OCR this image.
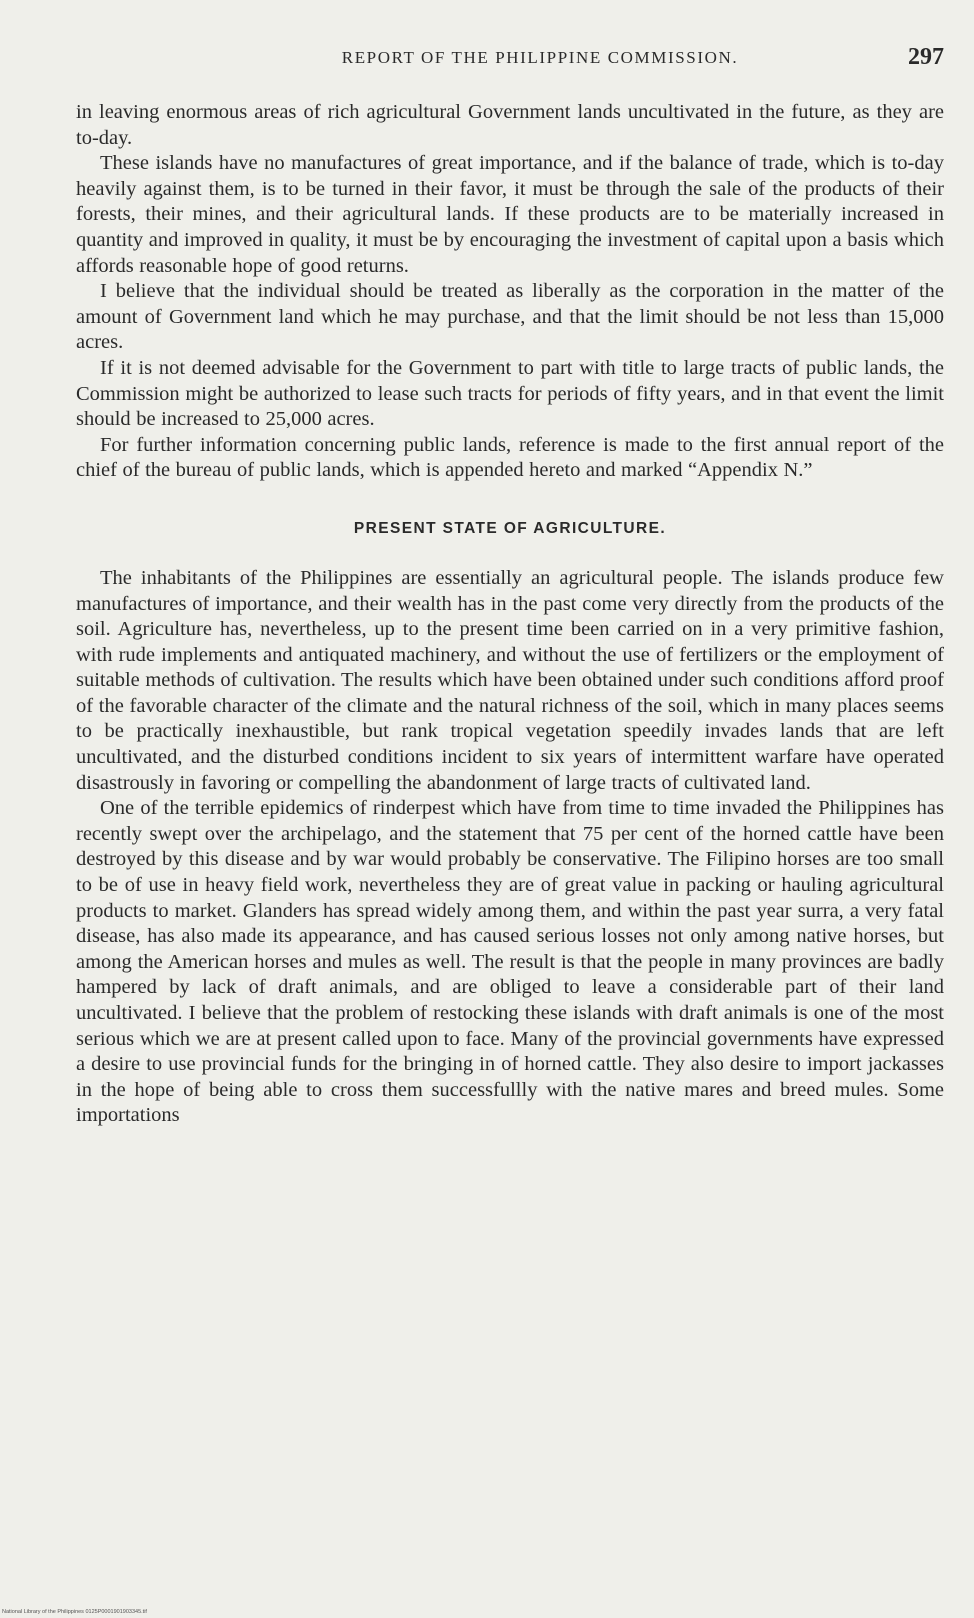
REPORT OF THE PHILIPPINE COMMISSION.	297

in leaving enormous areas of rich agricultural Government lands uncultivated in the future, as they are to-day.

These islands have no manufactures of great importance, and if the balance of trade, which is to-day heavily against them, is to be turned in their favor, it must be through the sale of the products of their forests, their mines, and their agricultural lands. If these products are to be materially increased in quantity and improved in quality, it must be by encouraging the investment of capital upon a basis which affords reasonable hope of good returns.

I believe that the individual should be treated as liberally as the corporation in the matter of the amount of Government land which he may purchase, and that the limit should be not less than 15,000 acres.

If it is not deemed advisable for the Government to part with title to large tracts of public lands, the Commission might be authorized to lease such tracts for periods of fifty years, and in that event the limit should be increased to 25,000 acres.

For further information concerning public lands, reference is made to the first annual report of the chief of the bureau of public lands, which is appended hereto and marked “Appendix N.”

PRESENT STATE OF AGRICULTURE.

The inhabitants of the Philippines are essentially an agricultural people. The islands produce few manufactures of importance, and their wealth has in the past come very directly from the products of the soil. Agriculture has, nevertheless, up to the present time been carried on in a very primitive fashion, with rude implements and antiquated machinery, and without the use of fertilizers or the employment of suitable methods of cultivation. The results which have been obtained under such conditions afford proof of the favorable character of the climate and the natural richness of the soil, which in many places seems to be practically inexhaustible, but rank tropical vegetation speedily invades lands that are left uncultivated, and the disturbed conditions incident to six years of intermittent warfare have operated disastrously in favoring or compelling the abandonment of large tracts of cultivated land.

One of the terrible epidemics of rinderpest which have from time to time invaded the Philippines has recently swept over the archipelago, and the statement that 75 per cent of the horned cattle have been destroyed by this disease and by war would probably be conservative. The Filipino horses are too small to be of use in heavy field work, nevertheless they are of great value in packing or hauling agricultural products to market. Glanders has spread widely among them, and within the past year surra, a very fatal disease, has also made its appearance, and has caused serious losses not only among native horses, but among the American horses and mules as well. The result is that the people in many provinces are badly hampered by lack of draft animals, and are obliged to leave a considerable part of their land uncultivated. I believe that the problem of restocking these islands with draft animals is one of the most serious which we are at present called upon to face. Many of the provincial governments have expressed a desire to use provincial funds for the bringing in of horned cattle. They also desire to import jackasses in the hope of being able to cross them successfullly with the native mares and breed mules. Some importations

National Library of the Philippines 0125P0001901903345.tif
